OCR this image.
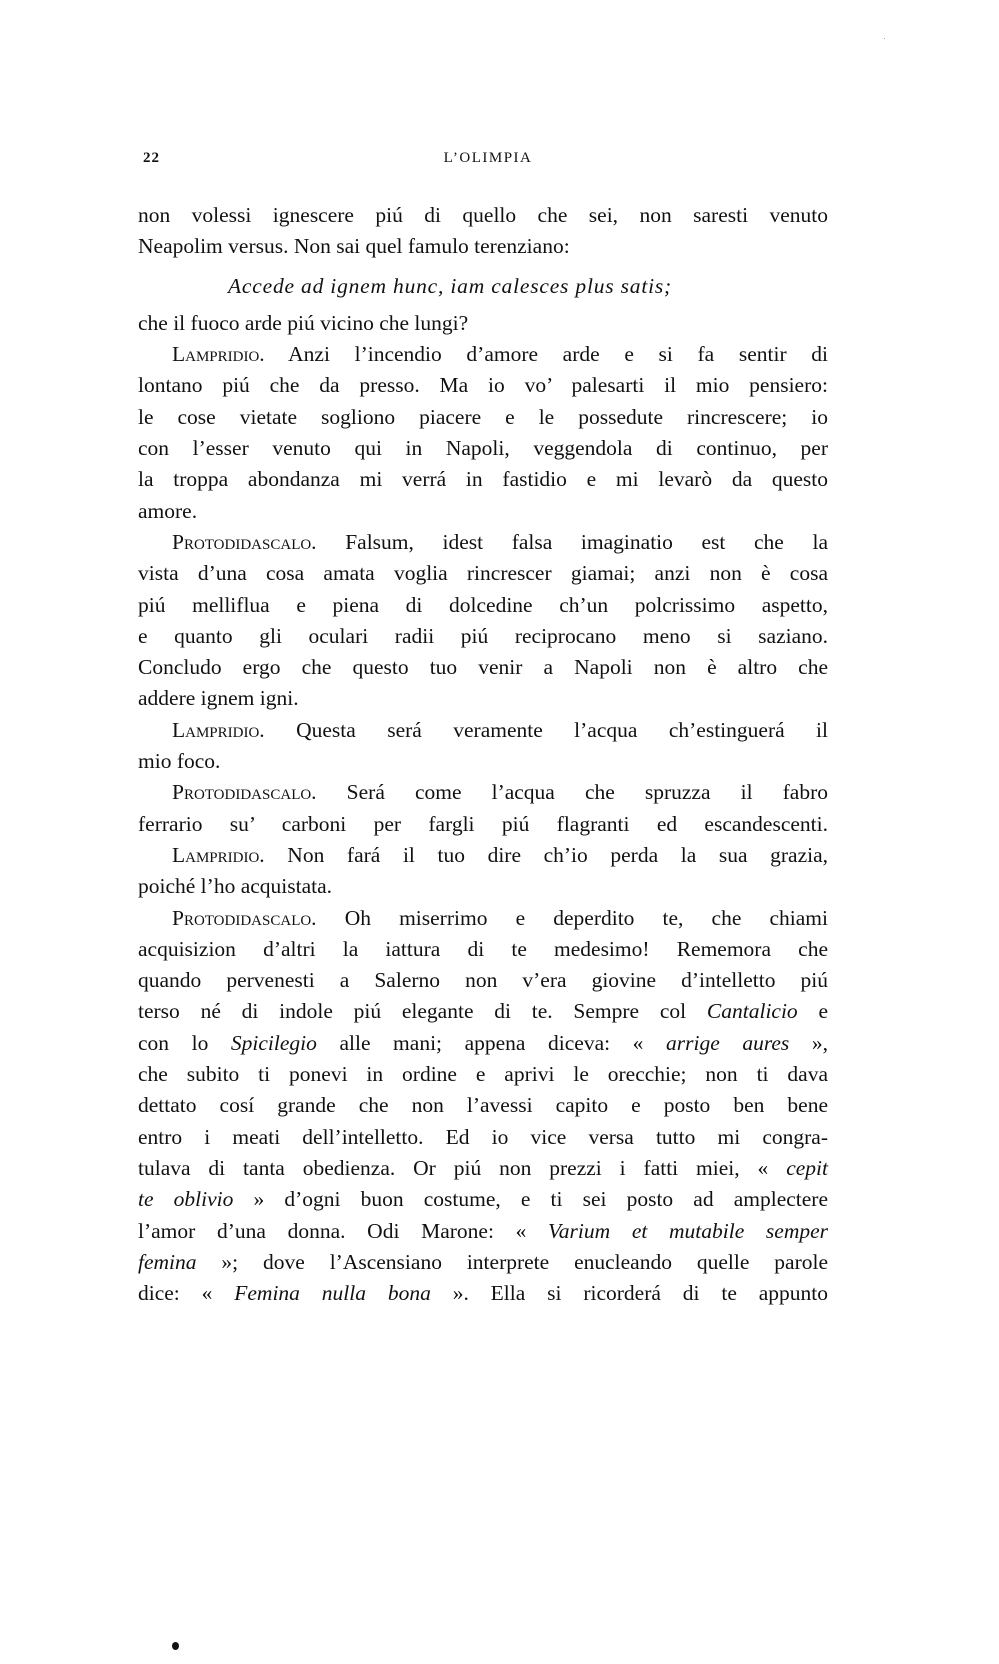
22	L’OLIMPIA
non volessi ignescere piú di quello che sei, non saresti venuto
Neapolim versus. Non sai quel famulo terenziano:
Accede ad ignem hunc, iam calesces plus satis;
che il fuoco arde piú vicino che lungi?
Lampridio. Anzi l’incendio d’amore arde e si fa sentir di
lontano piú che da presso. Ma io vo’ palesarti il mio pensiero:
le cose vietate sogliono piacere e le possedute rincrescere; io
con l’esser venuto qui in Napoli, veggendola di continuo, per
la troppa abondanza mi verrá in fastidio e mi levarò da questo
amore.
Protodidascalo. Falsum, idest falsa imaginatio est che la
vista d’una cosa amata voglia rincrescer giamai; anzi non è cosa
piú melliflua e piena di dolcedine ch’un polcrissimo aspetto,
e quanto gli oculari radii piú reciprocano meno si saziano.
Concludo ergo che questo tuo venir a Napoli non è altro che
addere ignem igni.
Lampridio. Questa será veramente l’acqua ch’estinguerá il
mio foco.
Protodidascalo. Será come l’acqua che spruzza il fabro
ferrario su’ carboni per fargli piú flagranti ed escandescenti.
Lampridio. Non fará il tuo dire ch’io perda la sua grazia,
poiché l’ho acquistata.
Protodidascalo. Oh miserrimo e deperdito te, che chiami
acquisizion d’altri la iattura di te medesimo! Rememora che
quando pervenesti a Salerno non v’era giovine d’intelletto piú
terso né di indole piú elegante di te. Sempre col Cantalicio e
con lo Spicilegio alle mani; appena diceva: « arrige aures »,
che subito ti ponevi in ordine e aprivi le orecchie; non ti dava
dettato cosí grande che non l’avessi capito e posto ben bene
entro i meati dell’intelletto. Ed io vice versa tutto mi congra-
tulava di tanta obedienza. Or piú non prezzi i fatti miei, « cepit
te oblivio » d’ogni buon costume, e ti sei posto ad amplectere
l’amor d’una donna. Odi Marone: « Varium et mutabile semper
femina »; dove l’Ascensiano interprete enucleando quelle parole
dice: « Femina nulla bona ». Ella si ricorderá di te appunto
